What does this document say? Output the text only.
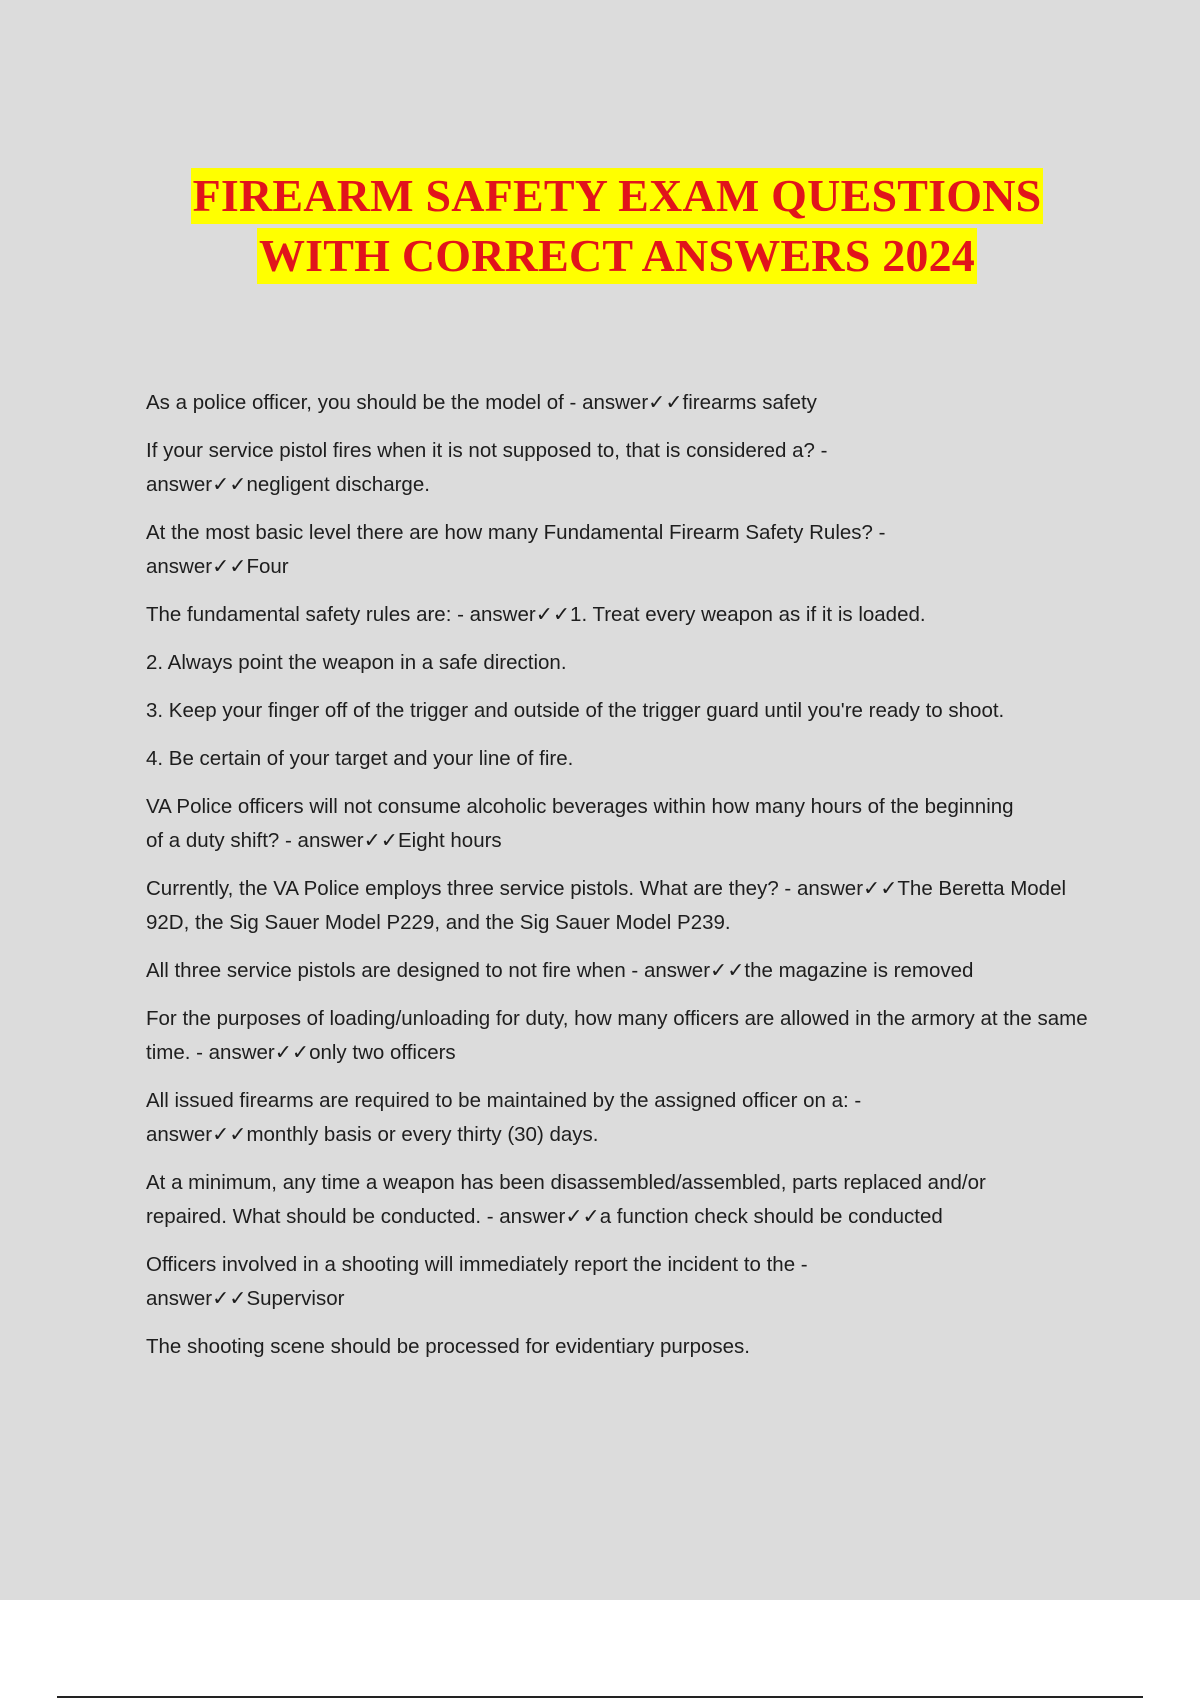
FIREARM SAFETY EXAM QUESTIONS
WITH CORRECT ANSWERS 2024

As a police officer, you should be the model of - answer✓✓firearms safety

If your service pistol fires when it is not supposed to, that is considered a? - answer✓✓negligent discharge.

At the most basic level there are how many Fundamental Firearm Safety Rules? - answer✓✓Four

The fundamental safety rules are: - answer✓✓1. Treat every weapon as if it is loaded.

2. Always point the weapon in a safe direction.

3. Keep your finger off of the trigger and outside of the trigger guard until you're ready to shoot.

4. Be certain of your target and your line of fire.

VA Police officers will not consume alcoholic beverages within how many hours of the beginning of a duty shift? - answer✓✓Eight hours

Currently, the VA Police employs three service pistols. What are they? - answer✓✓The Beretta Model 92D, the Sig Sauer Model P229, and the Sig Sauer Model P239.

All three service pistols are designed to not fire when - answer✓✓the magazine is removed

For the purposes of loading/unloading for duty, how many officers are allowed in the armory at the same time. - answer✓✓only two officers

All issued firearms are required to be maintained by the assigned officer on a: - answer✓✓monthly basis or every thirty (30) days.

At a minimum, any time a weapon has been disassembled/assembled, parts replaced and/or repaired. What should be conducted. - answer✓✓a function check should be conducted

Officers involved in a shooting will immediately report the incident to the - answer✓✓Supervisor

The shooting scene should be processed for evidentiary purposes.
